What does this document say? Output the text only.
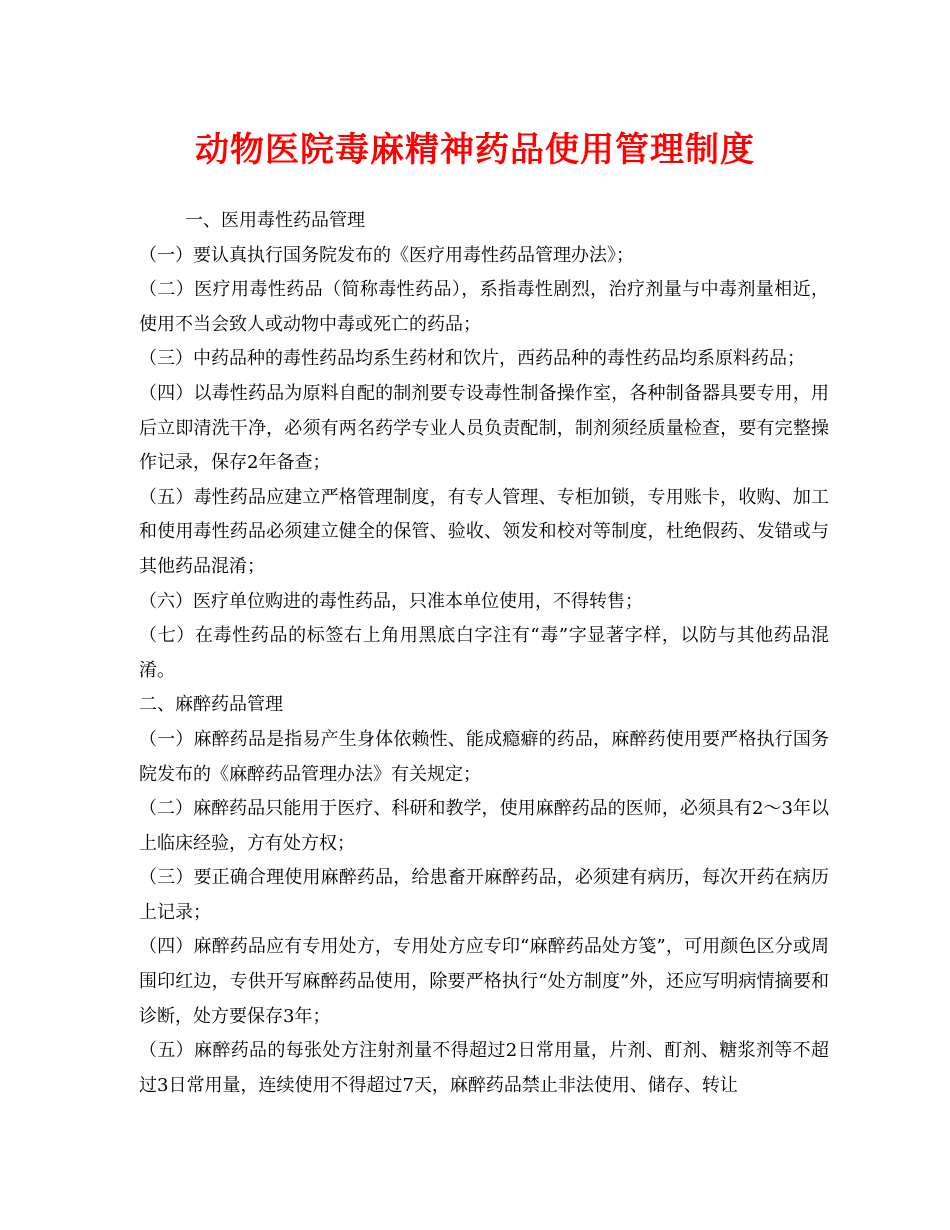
动物医院毒麻精神药品使用管理制度

一、医用毒性药品管理

（一）要认真执行国务院发布的《医疗用毒性药品管理办法》；

（二）医疗用毒性药品（简称毒性药品），系指毒性剧烈，治疗剂量与中毒剂量相近，使用不当会致人或动物中毒或死亡的药品；

（三）中药品种的毒性药品均系生药材和饮片，西药品种的毒性药品均系原料药品；

（四）以毒性药品为原料自配的制剂要专设毒性制备操作室，各种制备器具要专用，用后立即清洗干净，必须有两名药学专业人员负责配制，制剂须经质量检查，要有完整操作记录，保存2年备查；

（五）毒性药品应建立严格管理制度，有专人管理、专柜加锁，专用账卡，收购、加工和使用毒性药品必须建立健全的保管、验收、领发和校对等制度，杜绝假药、发错或与其他药品混淆；

（六）医疗单位购进的毒性药品，只准本单位使用，不得转售；

（七）在毒性药品的标签右上角用黑底白字注有“毒”字显著字样，以防与其他药品混淆。

二、麻醉药品管理

（一）麻醉药品是指易产生身体依赖性、能成瘾癖的药品，麻醉药使用要严格执行国务院发布的《麻醉药品管理办法》有关规定；

（二）麻醉药品只能用于医疗、科研和教学，使用麻醉药品的医师，必须具有2～3年以上临床经验，方有处方权；

（三）要正确合理使用麻醉药品，给患畜开麻醉药品，必须建有病历，每次开药在病历上记录；

（四）麻醉药品应有专用处方，专用处方应专印“麻醉药品处方笺”，可用颜色区分或周围印红边，专供开写麻醉药品使用，除要严格执行“处方制度”外，还应写明病情摘要和诊断，处方要保存3年；

（五）麻醉药品的每张处方注射剂量不得超过2日常用量，片剂、酊剂、糖浆剂等不超过3日常用量，连续使用不得超过7天，麻醉药品禁止非法使用、储存、转让
